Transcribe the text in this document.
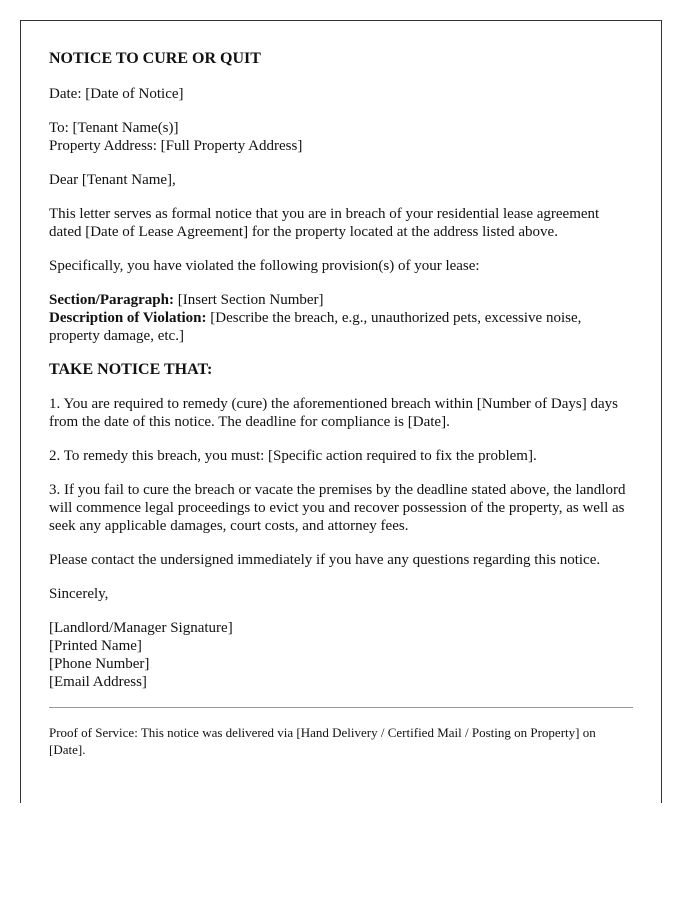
NOTICE TO CURE OR QUIT

Date: [Date of Notice]

To: [Tenant Name(s)]
Property Address: [Full Property Address]

Dear [Tenant Name],

This letter serves as formal notice that you are in breach of your residential lease agreement dated [Date of Lease Agreement] for the property located at the address listed above.

Specifically, you have violated the following provision(s) of your lease:

Section/Paragraph: [Insert Section Number]
Description of Violation: [Describe the breach, e.g., unauthorized pets, excessive noise, property damage, etc.]

TAKE NOTICE THAT:

1. You are required to remedy (cure) the aforementioned breach within [Number of Days] days from the date of this notice. The deadline for compliance is [Date].

2. To remedy this breach, you must: [Specific action required to fix the problem].

3. If you fail to cure the breach or vacate the premises by the deadline stated above, the landlord will commence legal proceedings to evict you and recover possession of the property, as well as seek any applicable damages, court costs, and attorney fees.

Please contact the undersigned immediately if you have any questions regarding this notice.

Sincerely,

[Landlord/Manager Signature]
[Printed Name]
[Phone Number]
[Email Address]

Proof of Service: This notice was delivered via [Hand Delivery / Certified Mail / Posting on Property] on [Date].
